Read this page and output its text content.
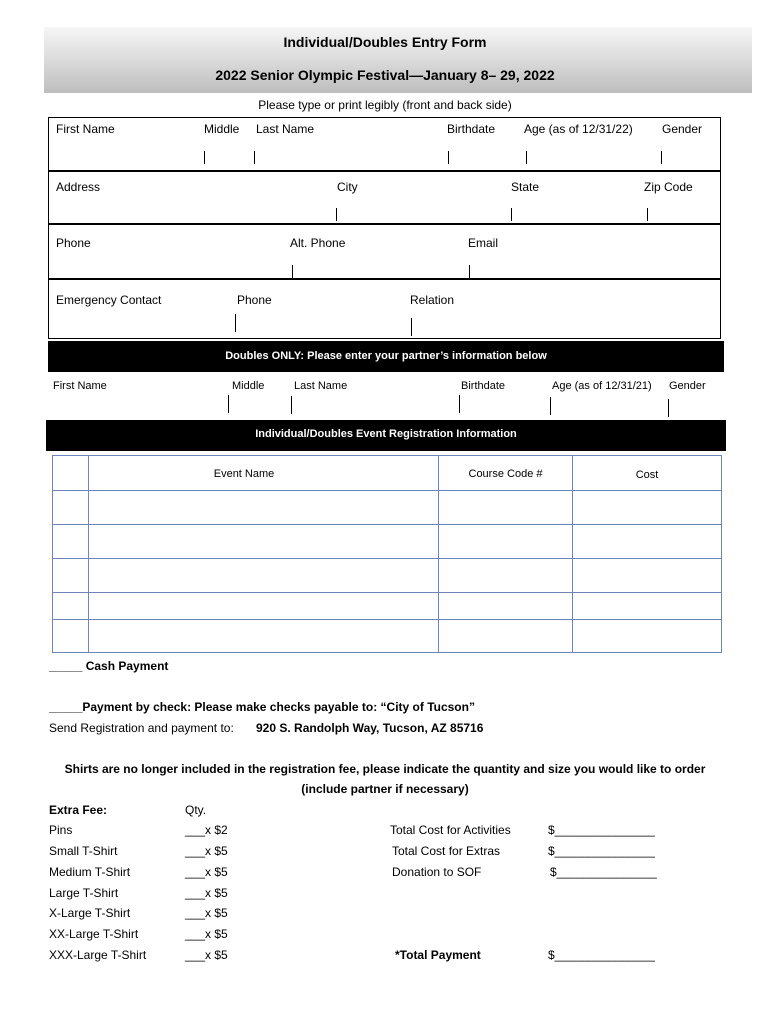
Individual/Doubles Entry Form
2022 Senior Olympic Festival—January 8– 29, 2022
Please type or print legibly (front and back side)
First Name	Middle Last Name	Birthdate Age (as of 12/31/22) Gender
Address	City	State	Zip Code
Phone	Alt. Phone	Email
Emergency Contact	Phone	Relation
Doubles ONLY: Please enter your partner’s information below
First Name	Middle	Last Name	Birthdate	Age (as of 12/31/21) Gender
Individual/Doubles Event Registration Information
Event Name	Course Code #	Cost
_____ Cash Payment
_____Payment by check: Please make checks payable to: “City of Tucson”
Send Registration and payment to: 920 S. Randolph Way, Tucson, AZ 85716
Shirts are no longer included in the registration fee, please indicate the quantity and size you would like to order
(include partner if necessary)
Extra Fee:	Qty.
Pins	___x $2
Small T-Shirt	___x $5
Medium T-Shirt	___x $5
Large T-Shirt	___x $5
X-Large T-Shirt	___x $5
XX-Large T-Shirt	___x $5
XXX-Large T-Shirt	___x $5
Total Cost for Activities	$_______________
Total Cost for Extras	$_______________
Donation to SOF	$_______________
*Total Payment	$_______________
